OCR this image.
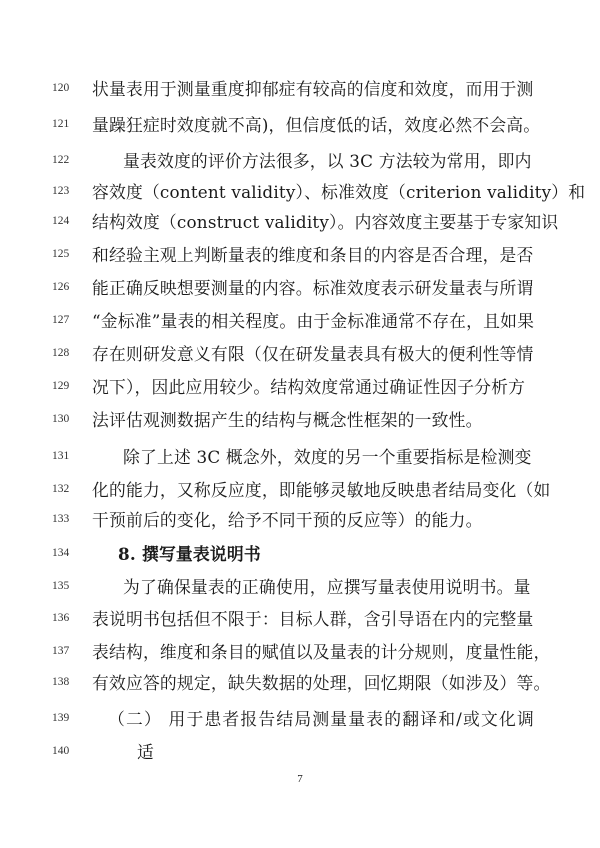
120	状量表用于测量重度抑郁症有较高的信度和效度，而用于测
121	量躁狂症时效度就不高)，但信度低的话，效度必然不会高。
122	量表效度的评价方法很多，以 3C 方法较为常用，即内
123	容效度（content validity）、标准效度（criterion validity）和
124	结构效度（construct validity）。内容效度主要基于专家知识
125	和经验主观上判断量表的维度和条目的内容是否合理，是否
126	能正确反映想要测量的内容。标准效度表示研发量表与所谓
127	“金标准”量表的相关程度。由于金标准通常不存在，且如果
128	存在则研发意义有限（仅在研发量表具有极大的便利性等情
129	况下），因此应用较少。结构效度常通过确证性因子分析方
130	法评估观测数据产生的结构与概念性框架的一致性。
131	除了上述 3C 概念外，效度的另一个重要指标是检测变
132	化的能力，又称反应度，即能够灵敏地反映患者结局变化（如
133	干预前后的变化，给予不同干预的反应等）的能力。
134	8. 撰写量表说明书
135	为了确保量表的正确使用，应撰写量表使用说明书。量
136	表说明书包括但不限于：目标人群，含引导语在内的完整量
137	表结构，维度和条目的赋值以及量表的计分规则，度量性能，
138	有效应答的规定，缺失数据的处理，回忆期限（如涉及）等。
139	（二） 用于患者报告结局测量量表的翻译和/或文化调
140	适
7
